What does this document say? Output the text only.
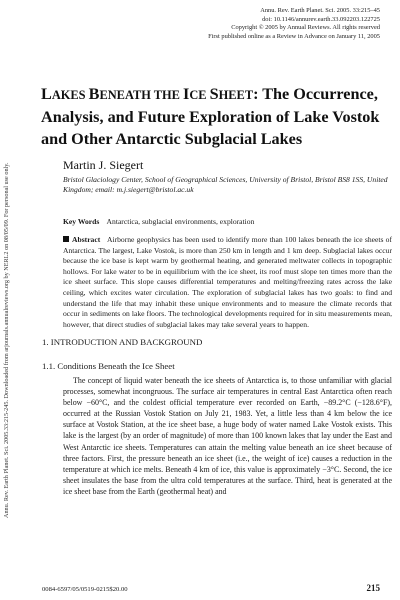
Annu. Rev. Earth Planet. Sci. 2005.33:215-245. Downloaded from arjournals.annualreviews.org by NERL2 on 08/05/09. For personal use only.
Annu. Rev. Earth Planet. Sci. 2005. 33:215–45
doi: 10.1146/annurev.earth.33.092203.122725
Copyright © 2005 by Annual Reviews. All rights reserved
First published online as a Review in Advance on January 11, 2005
LAKES BENEATH THE ICE SHEET: The Occurrence, Analysis, and Future Exploration of Lake Vostok and Other Antarctic Subglacial Lakes
Martin J. Siegert
Bristol Glaciology Center, School of Geographical Sciences, University of Bristol, Bristol BS8 1SS, United Kingdom; email: m.j.siegert@bristol.ac.uk
Key Words Antarctica, subglacial environments, exploration
Abstract Airborne geophysics has been used to identify more than 100 lakes beneath the ice sheets of Antarctica. The largest, Lake Vostok, is more than 250 km in length and 1 km deep. Subglacial lakes occur because the ice base is kept warm by geothermal heating, and generated meltwater collects in topographic hollows. For lake water to be in equilibrium with the ice sheet, its roof must slope ten times more than the ice sheet surface. This slope causes differential temperatures and melting/freezing rates across the lake ceiling, which excites water circulation. The exploration of subglacial lakes has two goals: to find and understand the life that may inhabit these unique environments and to measure the climate records that occur in sediments on lake floors. The technological developments required for in situ measurements mean, however, that direct studies of subglacial lakes may take several years to happen.
1. INTRODUCTION AND BACKGROUND
1.1. Conditions Beneath the Ice Sheet
The concept of liquid water beneath the ice sheets of Antarctica is, to those unfamiliar with glacial processes, somewhat incongruous. The surface air temperatures in central East Antarctica often reach below −60°C, and the coldest official temperature ever recorded on Earth, −89.2°C (−128.6°F), occurred at the Russian Vostok Station on July 21, 1983. Yet, a little less than 4 km below the ice surface at Vostok Station, at the ice sheet base, a huge body of water named Lake Vostok exists. This lake is the largest (by an order of magnitude) of more than 100 known lakes that lay under the East and West Antarctic ice sheets. Temperatures can attain the melting value beneath an ice sheet because of three factors. First, the pressure beneath an ice sheet (i.e., the weight of ice) causes a reduction in the temperature at which ice melts. Beneath 4 km of ice, this value is approximately −3°C. Second, the ice sheet insulates the base from the ultra cold temperatures at the surface. Third, heat is generated at the ice sheet base from the Earth (geothermal heat) and
0084-6597/05/0519-0215$20.00	215
